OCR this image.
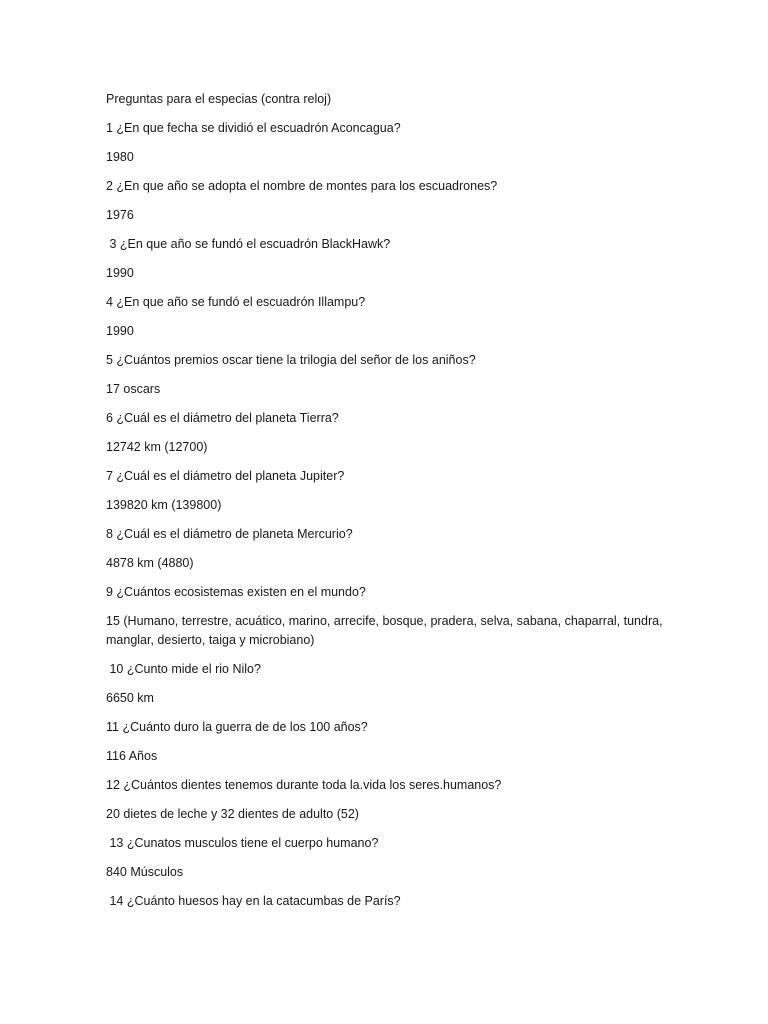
Preguntas para el especias (contra reloj)

1 ¿En que fecha se dividió el escuadrón Aconcagua?

1980

2 ¿En que año se adopta el nombre de montes para los escuadrones?

1976

3 ¿En que año se fundó el escuadrón BlackHawk?

1990

4 ¿En que año se fundó el escuadrón Illampu?

1990

5 ¿Cuántos premios oscar tiene la trilogia del señor de los aniños?

17 oscars

6 ¿Cuál es el diámetro del planeta Tierra?

12742 km (12700)

7 ¿Cuál es el diámetro del planeta Jupiter?

139820 km (139800)

8 ¿Cuál es el diámetro de planeta Mercurio?

4878 km (4880)

9 ¿Cuántos ecosistemas existen en el mundo?

15 (Humano, terrestre, acuático, marino, arrecife, bosque, pradera, selva, sabana, chaparral, tundra, manglar, desierto, taiga y microbiano)

10 ¿Cunto mide el rio Nilo?

6650 km

11 ¿Cuánto duro la guerra de de los 100 años?

116 Años

12 ¿Cuántos dientes tenemos durante toda la.vida los seres.humanos?

20 dietes de leche y 32 dientes de adulto (52)

13 ¿Cunatos musculos tiene el cuerpo humano?

840 Músculos

14 ¿Cuánto huesos hay en la catacumbas de París?
